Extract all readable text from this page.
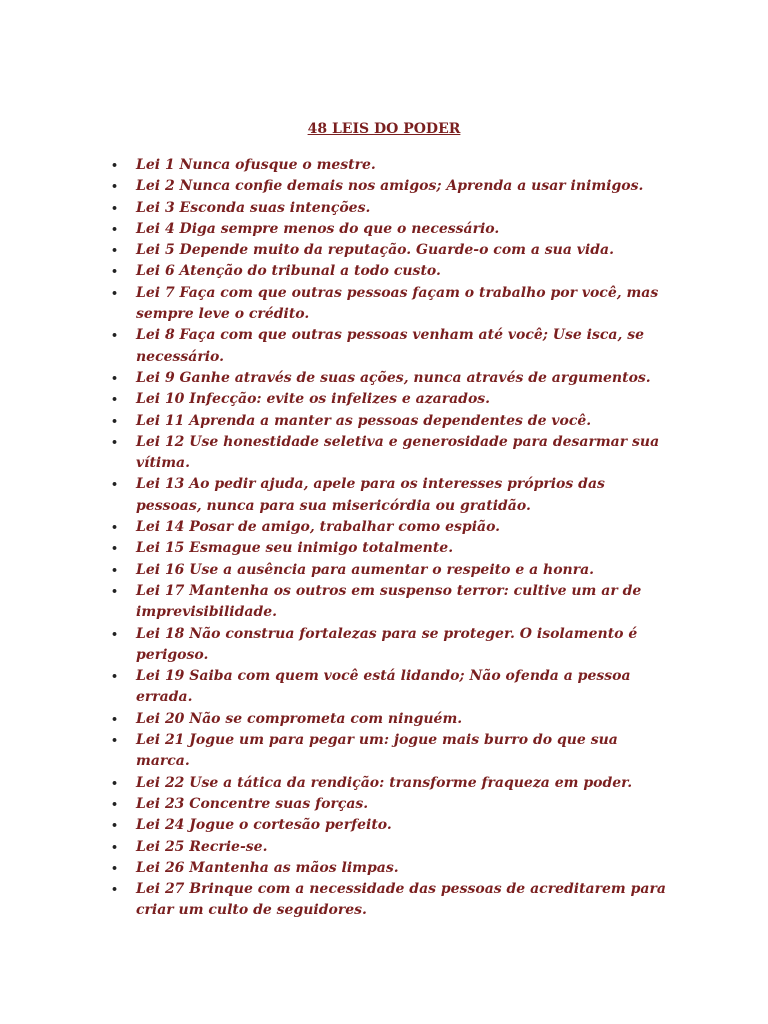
48 LEIS DO PODER
•	Lei 1 Nunca ofusque o mestre.
•	Lei 2 Nunca confie demais nos amigos; Aprenda a usar inimigos.
•	Lei 3 Esconda suas intenções.
•	Lei 4 Diga sempre menos do que o necessário.
•	Lei 5 Depende muito da reputação. Guarde-o com a sua vida.
•	Lei 6 Atenção do tribunal a todo custo.
•	Lei 7 Faça com que outras pessoas façam o trabalho por você, mas sempre leve o crédito.
•	Lei 8 Faça com que outras pessoas venham até você; Use isca, se necessário.
•	Lei 9 Ganhe através de suas ações, nunca através de argumentos.
•	Lei 10 Infecção: evite os infelizes e azarados.
•	Lei 11 Aprenda a manter as pessoas dependentes de você.
•	Lei 12 Use honestidade seletiva e generosidade para desarmar sua vítima.
•	Lei 13 Ao pedir ajuda, apele para os interesses próprios das pessoas, nunca para sua misericórdia ou gratidão.
•	Lei 14 Posar de amigo, trabalhar como espião.
•	Lei 15 Esmague seu inimigo totalmente.
•	Lei 16 Use a ausência para aumentar o respeito e a honra.
•	Lei 17 Mantenha os outros em suspenso terror: cultive um ar de imprevisibilidade.
•	Lei 18 Não construa fortalezas para se proteger. O isolamento é perigoso.
•	Lei 19 Saiba com quem você está lidando; Não ofenda a pessoa errada.
•	Lei 20 Não se comprometa com ninguém.
•	Lei 21 Jogue um para pegar um: jogue mais burro do que sua marca.
•	Lei 22 Use a tática da rendição: transforme fraqueza em poder.
•	Lei 23 Concentre suas forças.
•	Lei 24 Jogue o cortesão perfeito.
•	Lei 25 Recrie-se.
•	Lei 26 Mantenha as mãos limpas.
•	Lei 27 Brinque com a necessidade das pessoas de acreditarem para criar um culto de seguidores.
